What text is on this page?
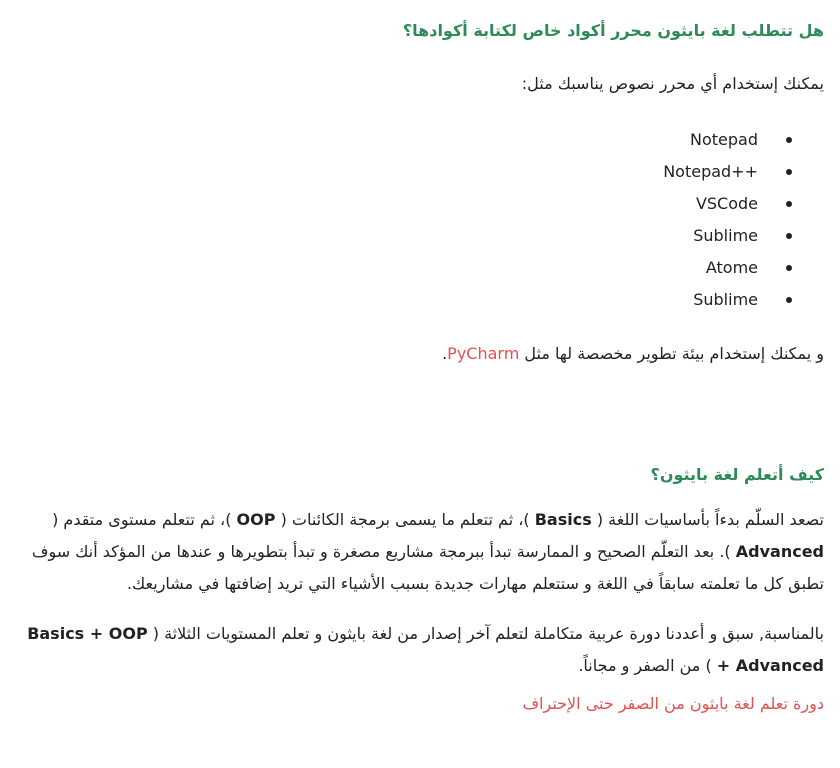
هل تتطلب لغة بايثون محرر أكواد خاص لكتابة أكوادها؟

يمكنك إستخدام أي محرر نصوص يناسبك مثل:

Notepad
Notepad++
VSCode
Sublime
Atome
Sublime

و يمكنك إستخدام بيئة تطوير مخصصة لها مثل PyCharm.

كيف أتعلم لغة بايثون؟

تصعد السلّم بدءاً بأساسيات اللغة ( Basics )، ثم تتعلم ما يسمى برمجة الكائنات ( OOP )، ثم تتعلم مستوى متقدم ( Advanced ). بعد التعلّم الصحيح و الممارسة تبدأ ببرمجة مشاريع مصغرة و تبدأ بتطويرها و عندها من المؤكد أنك سوف تطبق كل ما تعلمته سابقاً في اللغة و ستتعلم مهارات جديدة بسبب الأشياء التي تريد إضافتها في مشاريعك.

بالمناسبة, سبق و أعددنا دورة عربية متكاملة لتعلم آخر إصدار من لغة بايثون و تعلم المستويات الثلاثة ( Basics + OOP + Advanced ) من الصفر و مجاناً.

دورة تعلم لغة بايثون من الصفر حتى الإحتراف
